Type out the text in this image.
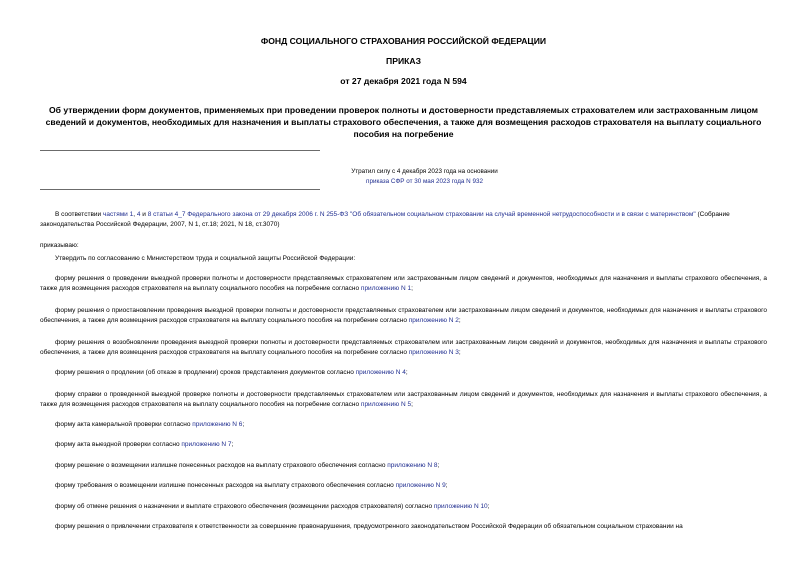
ФОНД СОЦИАЛЬНОГО СТРАХОВАНИЯ РОССИЙСКОЙ ФЕДЕРАЦИИ
ПРИКАЗ
от 27 декабря 2021 года N 594
Об утверждении форм документов, применяемых при проведении проверок полноты и достоверности представляемых страхователем или застрахованным лицом сведений и документов, необходимых для назначения и выплаты страхового обеспечения, а также для возмещения расходов страхователя на выплату социального пособия на погребение
Утратил силу с 4 декабря 2023 года на основании
приказа СФР от 30 мая 2023 года N 932

В соответствии частями 1, 4 и 8 статьи 4_7 Федерального закона от 29 декабря 2006 г. N 255-ФЗ "Об обязательном социальном страховании на случай временной нетрудоспособности и в связи с материнством" (Собрание законодательства Российской Федерации, 2007, N 1, ст.18; 2021, N 18, ст.3070)

приказываю:

Утвердить по согласованию с Министерством труда и социальной защиты Российской Федерации:

форму решения о проведении выездной проверки полноты и достоверности представляемых страхователем или застрахованным лицом сведений и документов, необходимых для назначения и выплаты страхового обеспечения, а также для возмещения расходов страхователя на выплату социального пособия на погребение согласно приложению N 1;

форму решения о приостановлении проведения выездной проверки полноты и достоверности представляемых страхователем или застрахованным лицом сведений и документов, необходимых для назначения и выплаты страхового обеспечения, а также для возмещения расходов страхователя на выплату социального пособия на погребение согласно приложению N 2;

форму решения о возобновлении проведения выездной проверки полноты и достоверности представляемых страхователем или застрахованным лицом сведений и документов, необходимых для назначения и выплаты страхового обеспечения, а также для возмещения расходов страхователя на выплату социального пособия на погребение согласно приложению N 3;

форму решения о продлении (об отказе в продлении) сроков представления документов согласно приложению N 4;

форму справки о проведенной выездной проверке полноты и достоверности представляемых страхователем или застрахованным лицом сведений и документов, необходимых для назначения и выплаты страхового обеспечения, а также для возмещения расходов страхователя на выплату социального пособия на погребение согласно приложению N 5;

форму акта камеральной проверки согласно приложению N 6;

форму акта выездной проверки согласно приложению N 7;

форму решение о возмещении излишне понесенных расходов на выплату страхового обеспечения согласно приложению N 8;

форму требования о возмещении излишне понесенных расходов на выплату страхового обеспечения согласно приложению N 9;

форму об отмене решения о назначении и выплате страхового обеспечения (возмещении расходов страхователя) согласно приложению N 10;

форму решения о привлечении страхователя к ответственности за совершение правонарушения, предусмотренного законодательством Российской Федерации об обязательном социальном страховании на
